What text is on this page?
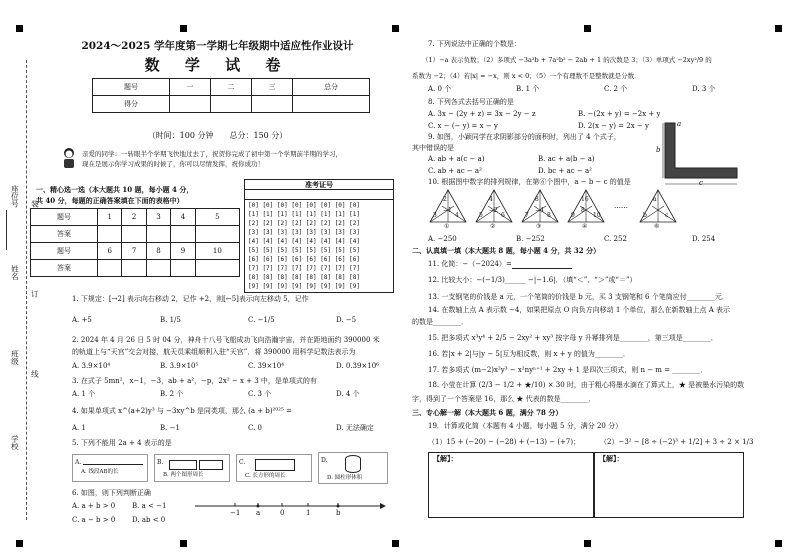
座位号
姓名
班级
学校
装
订
线
2024～2025 学年度第一学期七年级期中适应性作业设计
数 学 试 卷
题号	一	二	三	总分
得分				
（时间：100 分钟　　总分：150 分）
亲爱的同学：一转眼半个学期飞快地过去了，祝贺你完成了初中第一个学期前半期的学习，
现在是展示你学习成果的时候了，你可以尽情发挥，祝你成功！
一、精心选一选（本大题共 10 题，每小题 4 分，
共 40 分，每题的正确答案填在下面的表格中）
题号	1	2	3	4	5
答案					
题号	6	7	8	9	10
答案					
准考证号
[0] [0] [0] [0] [0] [0] [0] [0]
[1] [1] [1] [1] [1] [1] [1] [1]
[2] [2] [2] [2] [2] [2] [2] [2]
[3] [3] [3] [3] [3] [3] [3] [3]
[4] [4] [4] [4] [4] [4] [4] [4]
[5] [5] [5] [5] [5] [5] [5] [5]
[6] [6] [6] [6] [6] [6] [6] [6]
[7] [7] [7] [7] [7] [7] [7] [7]
[8] [8] [8] [8] [8] [8] [8] [8]
[9] [9] [9] [9] [9] [9] [9] [9]
1. 下规定：[→2] 表示向右移动 2，记作 +2，则[←5]表示向左移动 5，记作
A. +5	B. 1/5	C. −1/5	D. −5
2. 2024 年 4 月 26 日 5 时 04 分，神舟十八号飞船成功飞向浩瀚宇宙，并在距地面约 390000 米
的轨道上与“天宫”交会对接，航天员乘组顺利入驻“天宫”．将 390000 用科学记数法表示为
A. 3.9×10⁴	B. 3.9×10⁵	C. 39×10⁴	D. 0.39×10⁶
3. 在式子 5mn²，x−1，−3，ab + a²，−p，2x² − x + 3 中，是单项式的有
A. 1 个	B. 2 个	C. 3 个	D. 4 个
4. 如果单项式 x^(a+2)y³ 与 −3xy^b 是同类项，那么 (a + b)²⁰²⁵ =
A. 1	B. −1	C. 0	D. 无法确定
5. 下列不能用 2a + 4 表示的是
A.
A. 线段AB的长
B.
B. 两个图形周长
C.
C. 长方形的周长
D.
D. 圆柱形体积
6. 如图，则下列判断正确
A. a + b > 0 B. a < −1
C. a − b > 0 D. ab < 0
−1 a	0	1	b
7. 下列说法中正确的个数是：
（1）−a 表示负数；（2）多项式 −3a²b + 7a²b² − 2ab + 1 的次数是 3；（3）单项式 −2xy²/9 的
系数为 −2；（4）若|x| = −x，则 x < 0；（5）一个有理数不是整数就是分数．
A. 0 个	B. 1 个	C. 2 个	D. 3 个
8. 下列各式去括号正确的是
A. 3x − (2y + z) = 3x − 2y − z	B. −(2x + y) = −2x + y
C. x − (− y) = x − y	D. 2(x − y) = 2x − y
9. 如图，小颖同学在求阴影部分的面积时，列出了 4 个式子，
其中错误的是
A. ab + a(c − a)	B. ac + a(b − a)
C. ab + ac − a²	D. bc + ac − a²
a
b
c
10. 根据图中数字的排列规律，在第⑥个图中，a − b − c 的值是
2
3	4
−1
①
4
5	6
−2
②
8
7	8
−4
③
16
9	10
8
④
a
b	c
⑥
……
A. −250	B. −252	C. 252	D. 254
二、认真填一填（本大题共 8 题，每小题 4 分，共 32 分）
11. 化简：−（−2024）=
12. 比较大小：−(−1/3)______ −|−1.6|．（填“＜”、“＞”或“＝”）
13. 一支钢笔的价钱是 a 元，一个笔筒的价钱是 b 元，买 3 支钢笔和 6 个笔筒应付________元．
14. 在数轴上点 A 表示数 −4，如果把原点 O 向负方向移动 1 个单位，那么在新数轴上点 A 表示
的数是________．
15. 把多项式 x³y⁴ + 2/5 − 2xy² + xy³ 按字母 y 升幂排列是________，第三项是________．
16. 若|x + 2|与|y − 5|互为相反数，则 x + y 的值为________．
17. 若多项式 (m−2)x²y³ − x²nyⁿ⁺¹ + 2xy + 1 是四次三项式，则 n − m = ________．
18. 小莹在计算 (2/3 − 1/2 + ★/10) × 30 时，由于粗心将墨水滴在了算式上，★ 是被墨水污染的数
字，得到了一个答案是 16，那么 ★ 代表的数是________．
三、专心解一解（本大题共 6 题，满分 78 分）
19．计算或化简（本题有 4 小题，每小题 5 分，满分 20 分）
（1）15 + (−20) − (−28) + (−13) − (+7)；	（2）−3² − [8 ÷ (−2)³ + 1/2] + 3 ÷ 2 × 1/3
【解】：	【解】：
